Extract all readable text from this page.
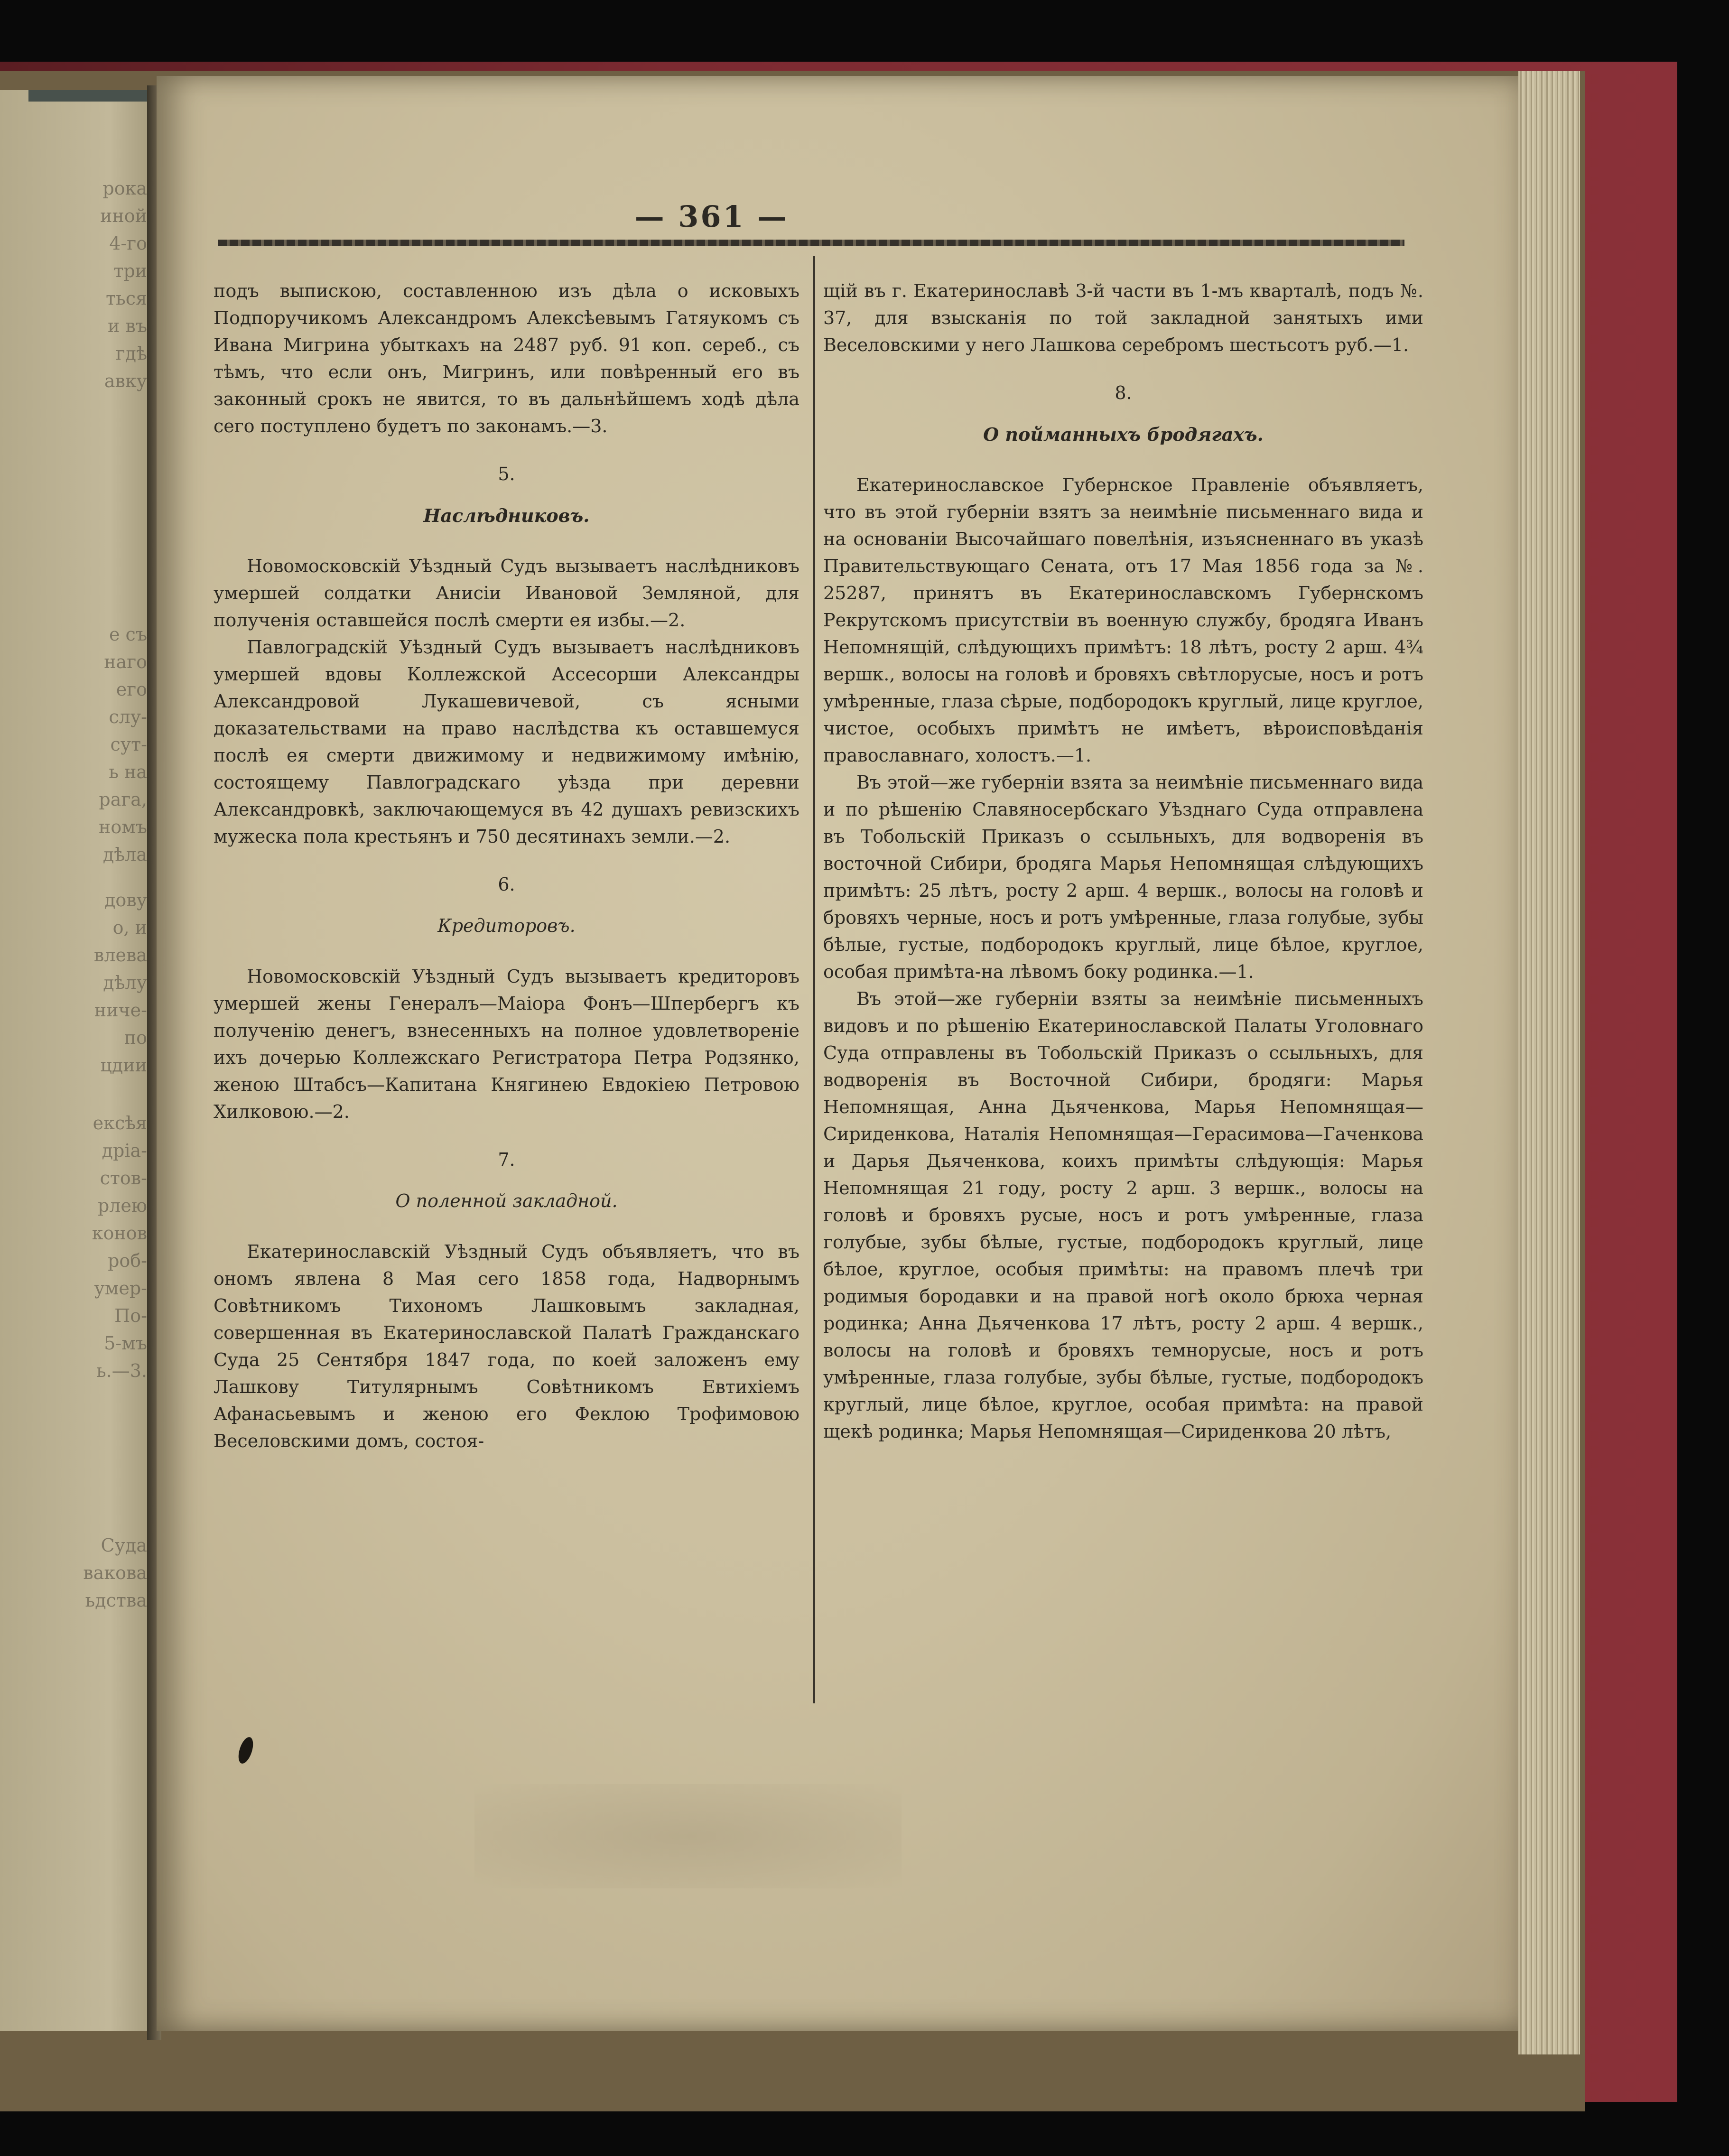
рока
иной
4-го
три
ться
и въ
гдѣ
авку
е съ
наго
его
слу-
сут-
ь на
рага,
номъ
дѣла
дову
о, и
влева
дѣлу
ниче-
по
цдии
ексѣя
дріа-
стов-
рлею
конов
роб-
умер-
По-
5-мъ
ь.—3.
Суда
вакова
ьдства
— 361 —
подъ выпискою, составленною изъ дѣла о исковыхъ Подпоручикомъ Александромъ Алексѣевымъ Гатяукомъ съ Ивана Мигрина убыткахъ на 2487 руб. 91 коп. сереб., съ тѣмъ, что если онъ, Мигринъ, или повѣренный его въ законный срокъ не явится, то въ дальнѣйшемъ ходѣ дѣла сего поступлено будетъ по законамъ.—3.
5.
Наслѣдниковъ.
Новомосковскій Уѣздный Судъ вызываетъ наслѣдниковъ умершей солдатки Анисіи Ивановой Земляной, для полученія оставшейся послѣ смерти ея избы.—2.
Павлоградскій Уѣздный Судъ вызываетъ наслѣдниковъ умершей вдовы Коллежской Ассесорши Александры Александровой Лукашевичевой, съ ясными доказательствами на право наслѣдства къ оставшемуся послѣ ея смерти движимому и недвижимому имѣнію, состоящему Павлоградскаго уѣзда при деревни Александровкѣ, заключающемуся въ 42 душахъ ревизскихъ мужеска пола крестьянъ и 750 десятинахъ земли.—2.
6.
Кредиторовъ.
Новомосковскій Уѣздный Судъ вызываетъ кредиторовъ умершей жены Генералъ—Маіора Фонъ—Шпербергъ къ полученію денегъ, взнесенныхъ на полное удовлетвореніе ихъ дочерью Коллежскаго Регистратора Петра Родзянко, женою Штабсъ—Капитана Княгинею Евдокіею Петровою Хилковою.—2.
7.
О поленной закладной.
Екатеринославскій Уѣздный Судъ объявляетъ, что въ ономъ явлена 8 Мая сего 1858 года, Надворнымъ Совѣтникомъ Тихономъ Лашковымъ закладная, совершенная въ Екатеринославской Палатѣ Гражданскаго Суда 25 Сентября 1847 года, по коей заложенъ ему Лашкову Титулярнымъ Совѣтникомъ Евтихіемъ Афанасьевымъ и женою его Феклою Трофимовою Веселовскими домъ, состоя-
щій въ г. Екатеринославѣ 3-й части въ 1-мъ кварталѣ, подъ №. 37, для взысканія по той закладной занятыхъ ими Веселовскими у него Лашкова серебромъ шестьсотъ руб.—1.
8.
О пойманныхъ бродягахъ.
Екатеринославское Губернское Правленіе объявляетъ, что въ этой губерніи взятъ за неимѣніе письменнаго вида и на основаніи Высочайшаго повелѣнія, изъясненнаго въ указѣ Правительствующаго Сената, отъ 17 Мая 1856 года за №. 25287, принятъ въ Екатеринославскомъ Губернскомъ Рекрутскомъ присутствіи въ военную службу, бродяга Иванъ Непомнящій, слѣдующихъ примѣтъ: 18 лѣтъ, росту 2 арш. 4¾ вершк., волосы на головѣ и бровяхъ свѣтлорусые, носъ и ротъ умѣренные, глаза сѣрые, подбородокъ круглый, лице круглое, чистое, особыхъ примѣтъ не имѣетъ, вѣроисповѣданія православнаго, холостъ.—1.
Въ этой—же губерніи взята за неимѣніе письменнаго вида и по рѣшенію Славяносербскаго Уѣзднаго Суда отправлена въ Тобольскій Приказъ о ссыльныхъ, для водворенія въ восточной Сибири, бродяга Марья Непомнящая слѣдующихъ примѣтъ: 25 лѣтъ, росту 2 арш. 4 вершк., волосы на головѣ и бровяхъ черные, носъ и ротъ умѣренные, глаза голубые, зубы бѣлые, густые, подбородокъ круглый, лице бѣлое, круглое, особая примѣта-на лѣвомъ боку родинка.—1.
Въ этой—же губерніи взяты за неимѣніе письменныхъ видовъ и по рѣшенію Екатеринославской Палаты Уголовнаго Суда отправлены въ Тобольскій Приказъ о ссыльныхъ, для водворенія въ Восточной Сибири, бродяги: Марья Непомнящая, Анна Дьяченкова, Марья Непомнящая—Сириденкова, Наталія Непомнящая—Герасимова—Гаченкова и Дарья Дьяченкова, коихъ примѣты слѣдующія: Марья Непомнящая 21 году, росту 2 арш. 3 вершк., волосы на головѣ и бровяхъ русые, носъ и ротъ умѣренные, глаза голубые, зубы бѣлые, густые, подбородокъ круглый, лице бѣлое, круглое, особыя примѣты: на правомъ плечѣ три родимыя бородавки и на правой ногѣ около брюха черная родинка; Анна Дьяченкова 17 лѣтъ, росту 2 арш. 4 вершк., волосы на головѣ и бровяхъ темнорусые, носъ и ротъ умѣренные, глаза голубые, зубы бѣлые, густые, подбородокъ круглый, лице бѣлое, круглое, особая примѣта: на правой щекѣ родинка; Марья Непомнящая—Сириденкова 20 лѣтъ,
